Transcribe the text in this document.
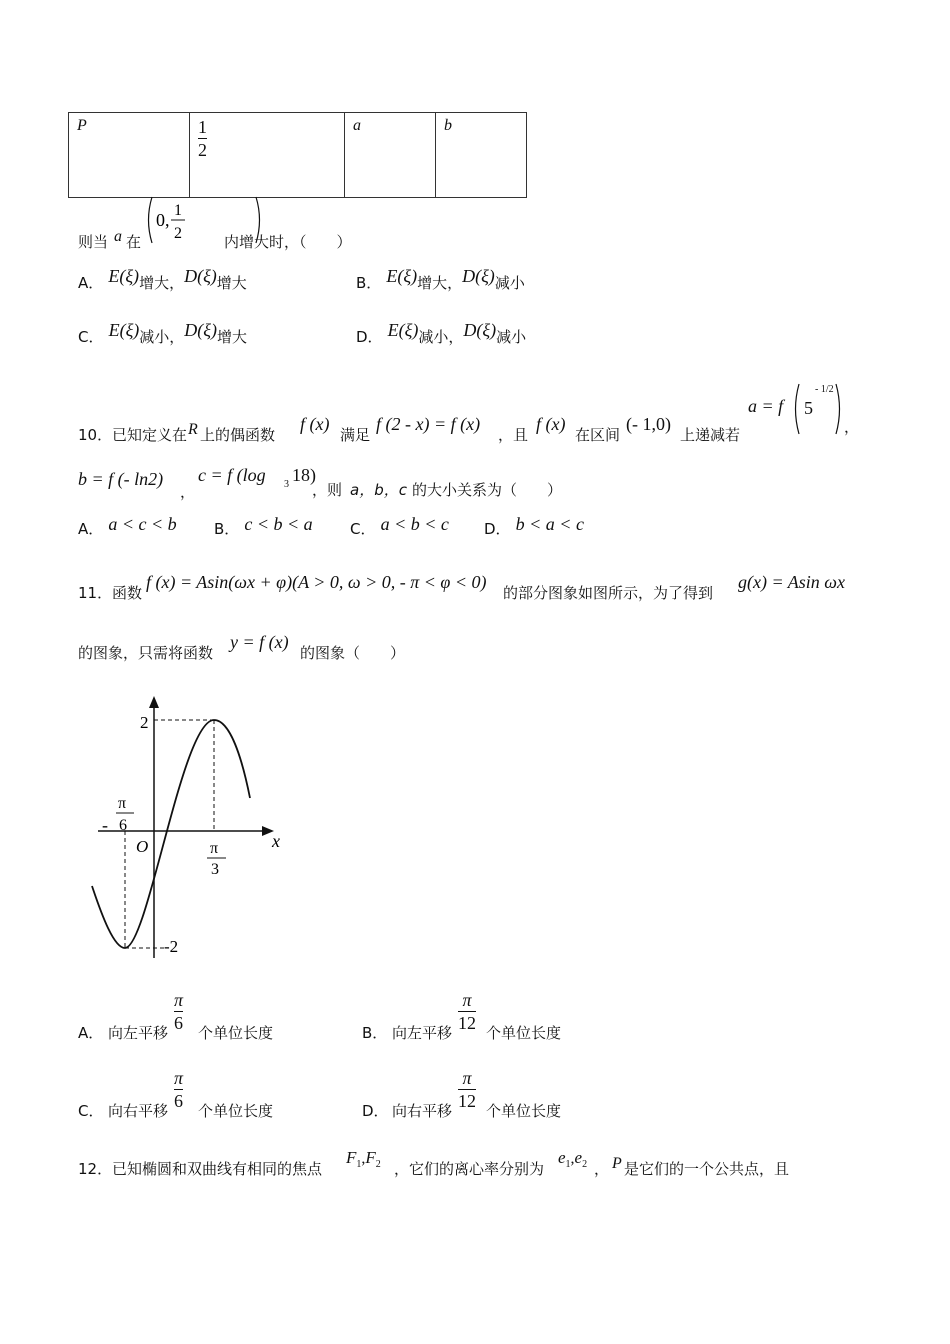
P	$\frac{1}{2}$	a	b
则当 a 在
0, 1
2	内增大时，（　　）
A． E(ξ)增大，D(ξ)增大	B． E(ξ)增大，D(ξ)减小
C． E(ξ)减小，D(ξ)增大	D． E(ξ)减小，D(ξ)减小
10． 已知定义在 R 上的偶函数
f (x)
满足
f (2 - x) = f (x)
，且
f (x)
在区间
(- 1,0)
上递减若
a = f 5
- 1/2
，
b = f (- ln2)
，
c = f (log 3 18)
，则 a，b，c 的大小关系为（　　）
A． a < c < b B． c < b < a C． a < b < c D． b < a < c
11． 函数
f (x) = Asin(ωx + φ)(A > 0, ω > 0, - π < φ < 0)
的部分图象如图所示，为了得到
g(x) = Asin ωx
的图象，只需将函数
y = f (x)
的图象（　　）
2
-2
O	x
-
π
6
π
3
A． 向左平移
π
6 个单位长度	B． 向左平移
π
12 个单位长度
C． 向右平移
π
6 个单位长度	D． 向右平移
π
12 个单位长度
12． 已知椭圆和双曲线有相同的焦点
$F_1,F_2$ ，它们的离心率分别为
$e_1,e_2$ ， P 是它们的一个公共点，且
